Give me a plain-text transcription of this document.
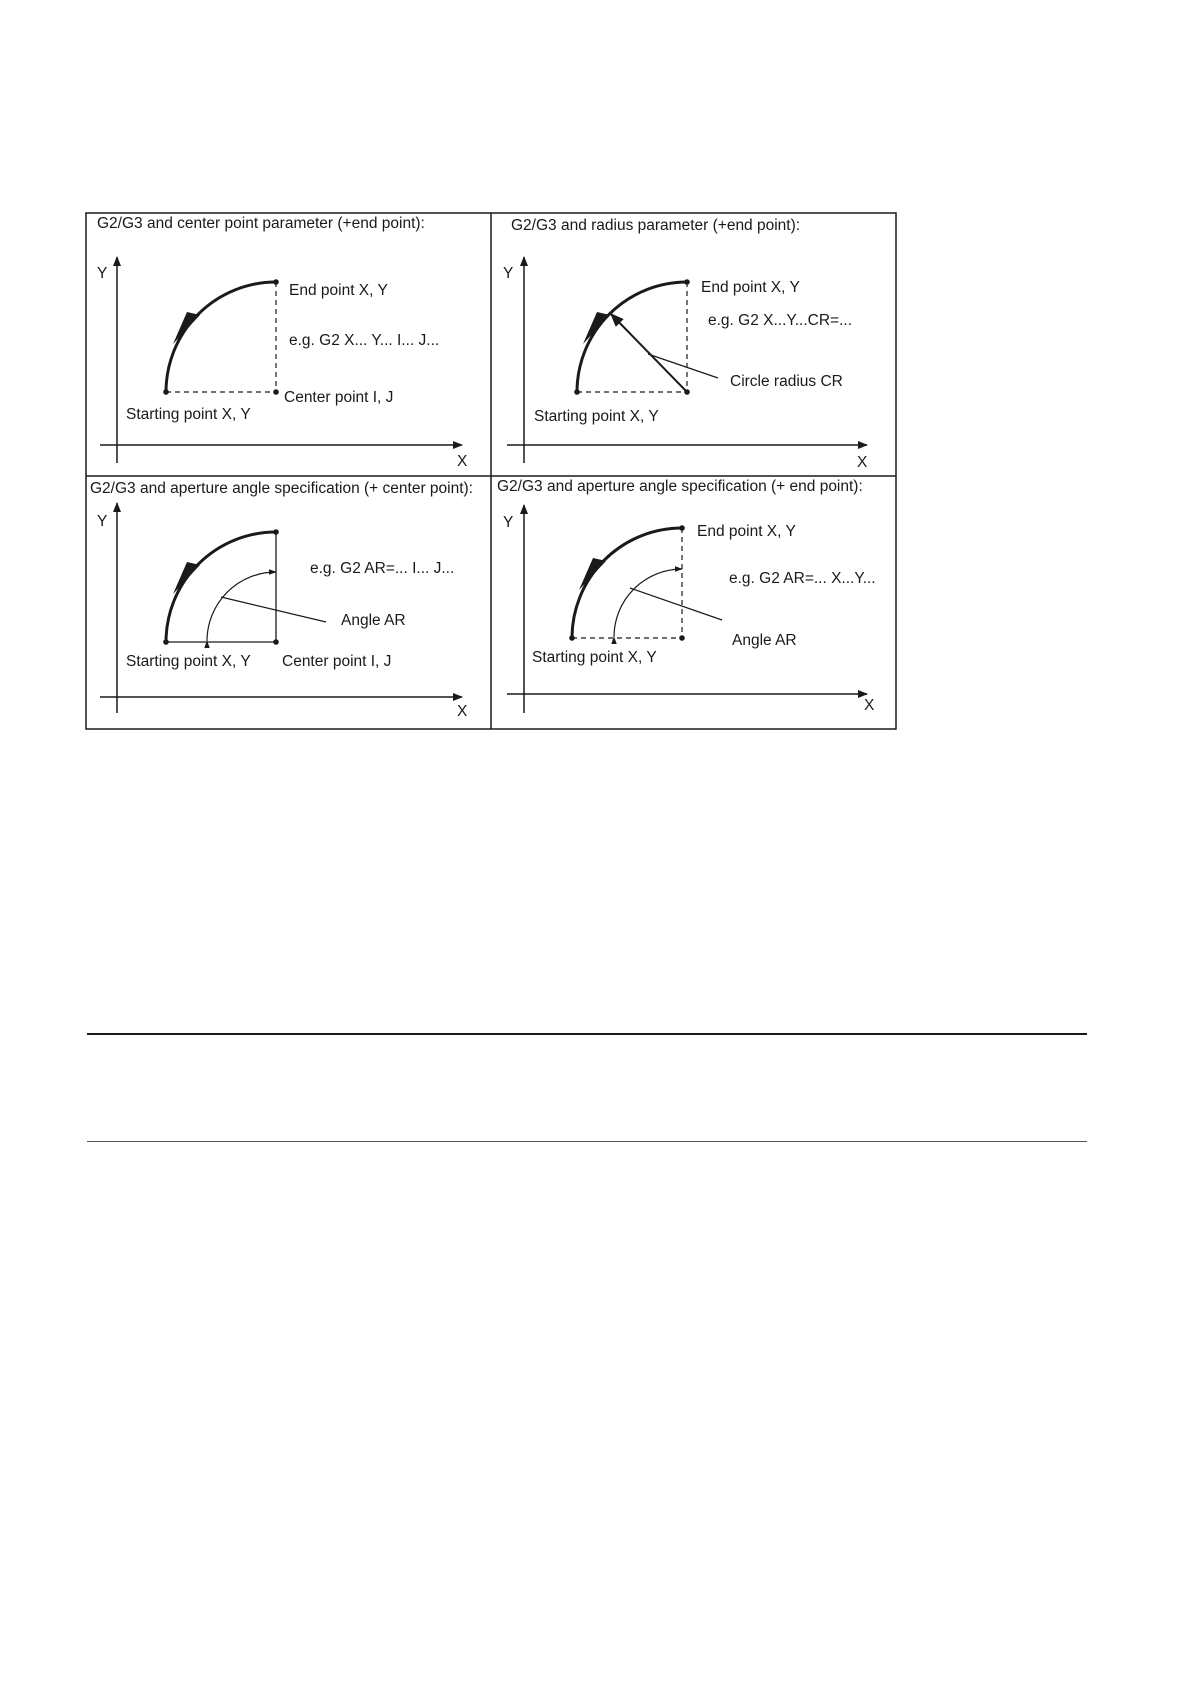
G2/G3 and center point parameter (+end point):
Y
X
End point X, Y
e.g. G2 X... Y... I... J...
Center point I, J
Starting point X, Y
G2/G3 and radius parameter (+end point):
Y
X
End point X, Y
e.g. G2 X...Y...CR=...
Circle radius CR
Starting point X, Y
G2/G3 and aperture angle specification (+ center point):
Y
X
e.g. G2 AR=... I... J...
Angle AR
Starting point X, Y Center point I, J
G2/G3 and aperture angle specification (+ end point):
Y
X
End point X, Y
e.g. G2 AR=... X...Y...
Angle AR
Starting point X, Y
